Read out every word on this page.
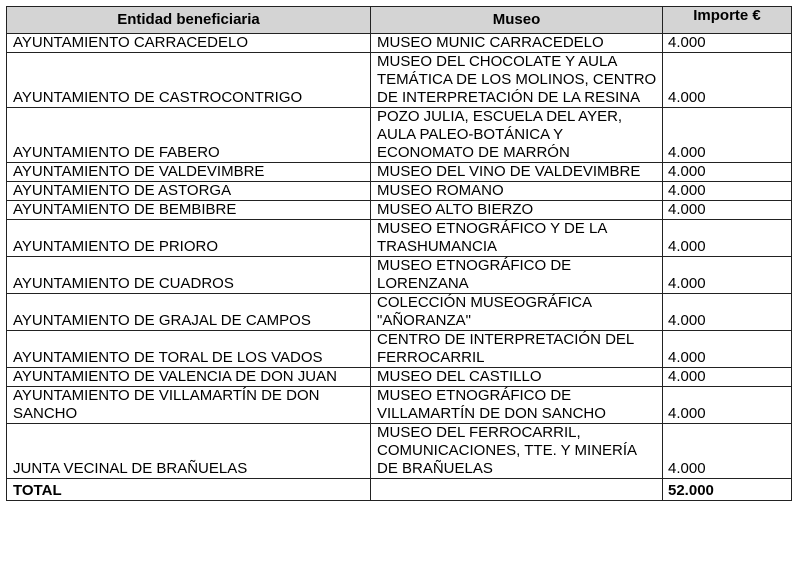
Entidad beneficiaria	Museo	Importe €
AYUNTAMIENTO CARRACEDELO	MUSEO MUNIC CARRACEDELO	4.000
AYUNTAMIENTO DE CASTROCONTRIGO	MUSEO DEL CHOCOLATE Y AULA TEMÁTICA DE LOS MOLINOS, CENTRO DE INTERPRETACIÓN DE LA RESINA	4.000
AYUNTAMIENTO DE FABERO	POZO JULIA, ESCUELA DEL AYER, AULA PALEO-BOTÁNICA Y ECONOMATO DE MARRÓN	4.000
AYUNTAMIENTO DE VALDEVIMBRE	MUSEO DEL VINO DE VALDEVIMBRE	4.000
AYUNTAMIENTO DE ASTORGA	MUSEO ROMANO	4.000
AYUNTAMIENTO DE BEMBIBRE	MUSEO ALTO BIERZO	4.000
AYUNTAMIENTO DE PRIORO	MUSEO ETNOGRÁFICO Y DE LA TRASHUMANCIA	4.000
AYUNTAMIENTO DE CUADROS	MUSEO ETNOGRÁFICO DE LORENZANA	4.000
AYUNTAMIENTO DE GRAJAL DE CAMPOS	COLECCIÓN MUSEOGRÁFICA "AÑORANZA"	4.000
AYUNTAMIENTO DE TORAL DE LOS VADOS	CENTRO DE INTERPRETACIÓN DEL FERROCARRIL	4.000
AYUNTAMIENTO DE VALENCIA DE DON JUAN	MUSEO DEL CASTILLO	4.000
AYUNTAMIENTO DE VILLAMARTÍN DE DON SANCHO	MUSEO ETNOGRÁFICO DE VILLAMARTÍN DE DON SANCHO	4.000
JUNTA VECINAL DE BRAÑUELAS	MUSEO DEL FERROCARRIL, COMUNICACIONES, TTE. Y MINERÍA DE BRAÑUELAS	4.000
TOTAL		52.000
